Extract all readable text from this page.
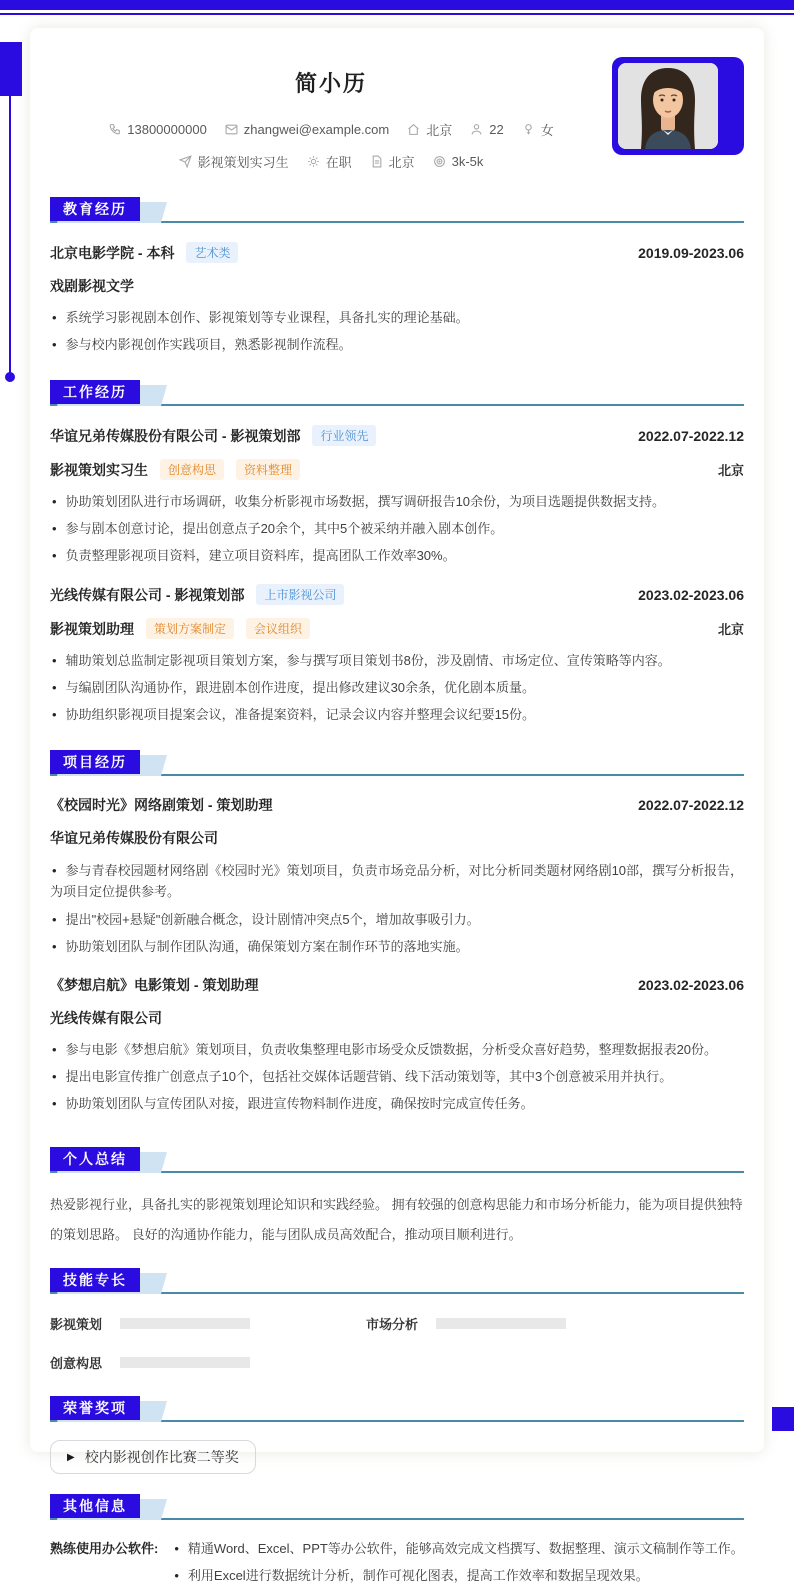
简小历
13800000000	zhangwei@example.com	北京	22	女
影视策划实习生	在职	北京	3k-5k
教育经历
北京电影学院 - 本科	艺术类	2019.09-2023.06
戏剧影视文学
• 系统学习影视剧本创作、影视策划等专业课程，具备扎实的理论基础。
• 参与校内影视创作实践项目，熟悉影视制作流程。
工作经历
华谊兄弟传媒股份有限公司 - 影视策划部	行业领先	2022.07-2022.12
影视策划实习生	创意构思	资料整理	北京
• 协助策划团队进行市场调研，收集分析影视市场数据，撰写调研报告10余份，为项目选题提供数据支持。
• 参与剧本创意讨论，提出创意点子20余个，其中5个被采纳并融入剧本创作。
• 负责整理影视项目资料，建立项目资料库，提高团队工作效率30%。
光线传媒有限公司 - 影视策划部	上市影视公司	2023.02-2023.06
影视策划助理	策划方案制定	会议组织	北京
• 辅助策划总监制定影视项目策划方案，参与撰写项目策划书8份，涉及剧情、市场定位、宣传策略等内容。
• 与编剧团队沟通协作，跟进剧本创作进度，提出修改建议30余条，优化剧本质量。
• 协助组织影视项目提案会议，准备提案资料，记录会议内容并整理会议纪要15份。
项目经历
《校园时光》网络剧策划 - 策划助理	2022.07-2022.12
华谊兄弟传媒股份有限公司
• 参与青春校园题材网络剧《校园时光》策划项目，负责市场竞品分析，对比分析同类题材网络剧10部，撰写分析报告，为项目定位提供参考。
• 提出"校园+悬疑"创新融合概念，设计剧情冲突点5个，增加故事吸引力。
• 协助策划团队与制作团队沟通，确保策划方案在制作环节的落地实施。
《梦想启航》电影策划 - 策划助理	2023.02-2023.06
光线传媒有限公司
• 参与电影《梦想启航》策划项目，负责收集整理电影市场受众反馈数据，分析受众喜好趋势，整理数据报表20份。
• 提出电影宣传推广创意点子10个，包括社交媒体话题营销、线下活动策划等，其中3个创意被采用并执行。
• 协助策划团队与宣传团队对接，跟进宣传物料制作进度，确保按时完成宣传任务。
个人总结
热爱影视行业，具备扎实的影视策划理论知识和实践经验。 拥有较强的创意构思能力和市场分析能力，能为项目提供独特的策划思路。 良好的沟通协作能力，能与团队成员高效配合，推动项目顺利进行。
技能专长
影视策划	市场分析
创意构思
荣誉奖项
▶ 校内影视创作比赛二等奖
其他信息
熟练使用办公软件: • 精通Word、Excel、PPT等办公软件，能够高效完成文档撰写、数据整理、演示文稿制作等工作。
• 利用Excel进行数据统计分析，制作可视化图表，提高工作效率和数据呈现效果。
